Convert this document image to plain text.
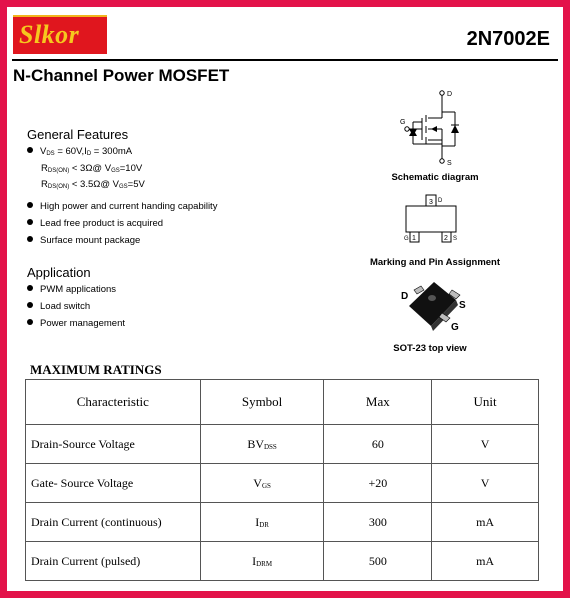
Slkor	2N7002E
N-Channel Power MOSFET
General Features
$V_{DS} = 60V,I_D = 300mA$
$R_{DS(ON)}$ < 3Ω@ $V_{GS}=10V$
$R_{DS(ON)}$ < 3.5Ω@ $V_{GS}=5V$
High power and current handing capability
Lead free product is acquired
Surface mount package
Application
PWM applications
Load switch
Power management
D
S
G
Schematic diagram
3 D
1
G	2 S
Marking and Pin Assignment
D
S
G
SOT-23 top view
MAXIMUM RATINGS
Characteristic	Symbol	Max	Unit
Drain-Source Voltage	BVDSS	60	V
Gate- Source Voltage	VGS	+20	V
Drain Current (continuous)	IDR	300	mA
Drain Current (pulsed)	IDRM	500	mA
